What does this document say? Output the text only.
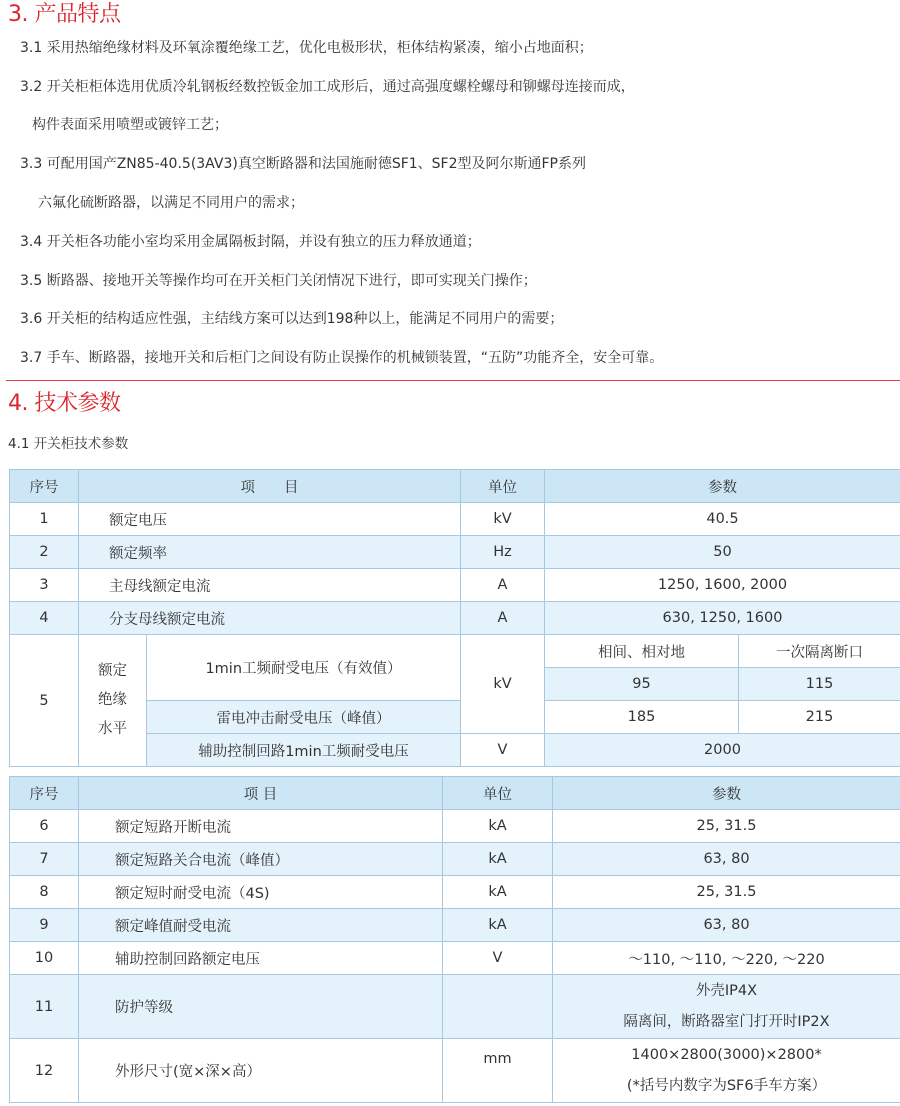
3. 产品特点
3.1 采用热缩绝缘材料及环氧涂覆绝缘工艺，优化电极形状，柜体结构紧凑，缩小占地面积；
3.2 开关柜柜体选用优质冷轧钢板经数控钣金加工成形后，通过高强度螺栓螺母和铆螺母连接而成，
构件表面采用喷塑或镀锌工艺；
3.3 可配用国产ZN85-40.5(3AV3)真空断路器和法国施耐德SF1、SF2型及阿尔斯通FP系列
六氟化硫断路器，以满足不同用户的需求；
3.4 开关柜各功能小室均采用金属隔板封隔，并设有独立的压力释放通道；
3.5 断路器、接地开关等操作均可在开关柜门关闭情况下进行，即可实现关门操作；
3.6 开关柜的结构适应性强，主结线方案可以达到198种以上，能满足不同用户的需要；
3.7 手车、断路器，接地开关和后柜门之间设有防止误操作的机械锁装置，“五防”功能齐全，安全可靠。
4. 技术参数
4.1 开关柜技术参数
序号	项　　目		单位	参数	
1	额定电压		kV	40.5	
2	额定频率		Hz	50	
3	主母线额定电流		A	1250, 1600, 2000	
4	分支母线额定电流		A	630, 1250, 1600	
5	额定
绝缘
水平	1min工频耐受电压（有效值）	kV	相间、相对地	一次隔离断口
				95	115
		雷电冲击耐受电压（峰值）		185	215
		辅助控制回路1min工频耐受电压	V	2000	
序号	项 目	单位	参数
6	额定短路开断电流	kA	25, 31.5
7	额定短路关合电流（峰值）	kA	63, 80
8	额定短时耐受电流（4S)	kA	25, 31.5
9	额定峰值耐受电流	kA	63, 80
10	辅助控制回路额定电压	V	～110, ～110, ～220, ～220
11	防护等级		外壳IP4X
隔离间，断路器室门打开时IP2X

12	外形尺寸(宽×深×高）	mm	1400×2800(3000)×2800*
(*括号内数字为SF6手车方案）
